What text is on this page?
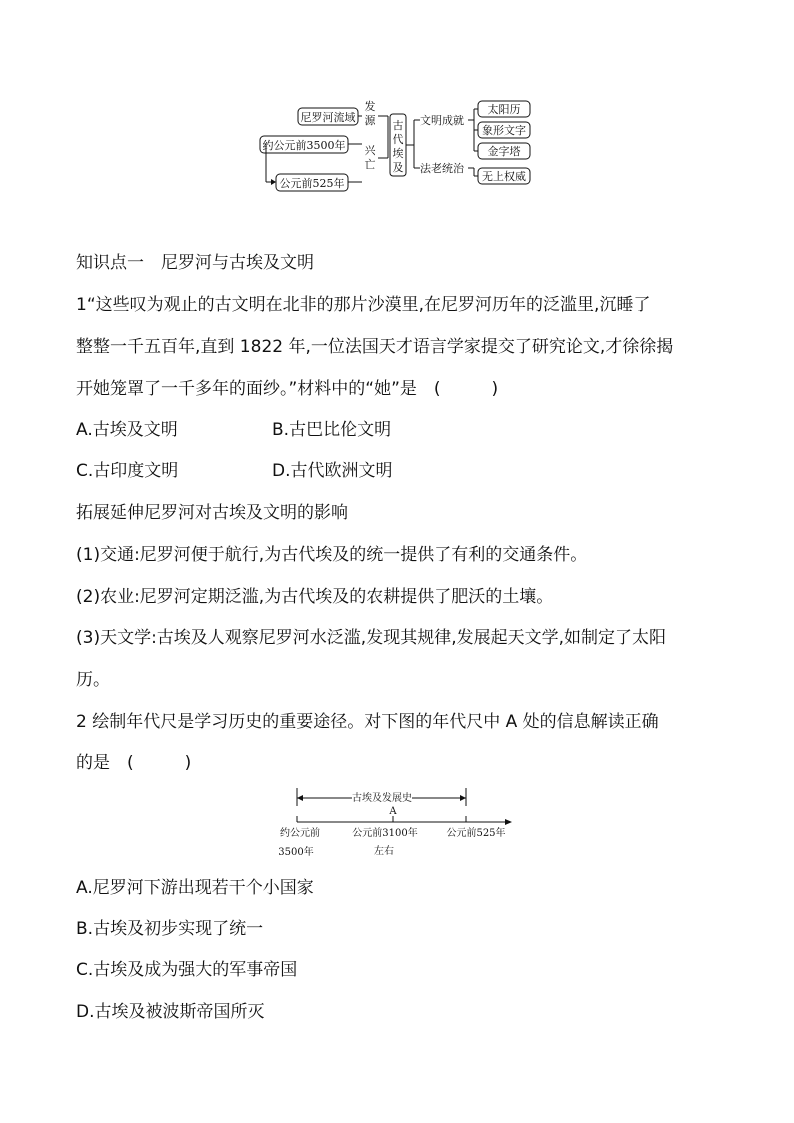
尼罗河流域
约公元前3500年
公元前525年
发源
兴亡
古代埃及
文明成就
法老统治
太阳历
象形文字
金字塔
无上权威
知识点一　尼罗河与古埃及文明
1“这些叹为观止的古文明在北非的那片沙漠里,在尼罗河历年的泛滥里,沉睡了
整整一千五百年,直到 1822 年,一位法国天才语言学家提交了研究论文,才徐徐揭
开她笼罩了一千多年的面纱。”材料中的“她”是　(　　　)
A.古埃及文明	B.古巴比伦文明
C.古印度文明	D.古代欧洲文明
拓展延伸尼罗河对古埃及文明的影响
(1)交通:尼罗河便于航行,为古代埃及的统一提供了有利的交通条件。
(2)农业:尼罗河定期泛滥,为古代埃及的农耕提供了肥沃的土壤。
(3)天文学:古埃及人观察尼罗河水泛滥,发现其规律,发展起天文学,如制定了太阳
历。
2 绘制年代尺是学习历史的重要途径。对下图的年代尺中 A 处的信息解读正确
的是　(　　　)
古埃及发展史
A
约公元前
3500年
公元前3100年
左右
公元前525年
A.尼罗河下游出现若干个小国家
B.古埃及初步实现了统一
C.古埃及成为强大的军事帝国
D.古埃及被波斯帝国所灭
